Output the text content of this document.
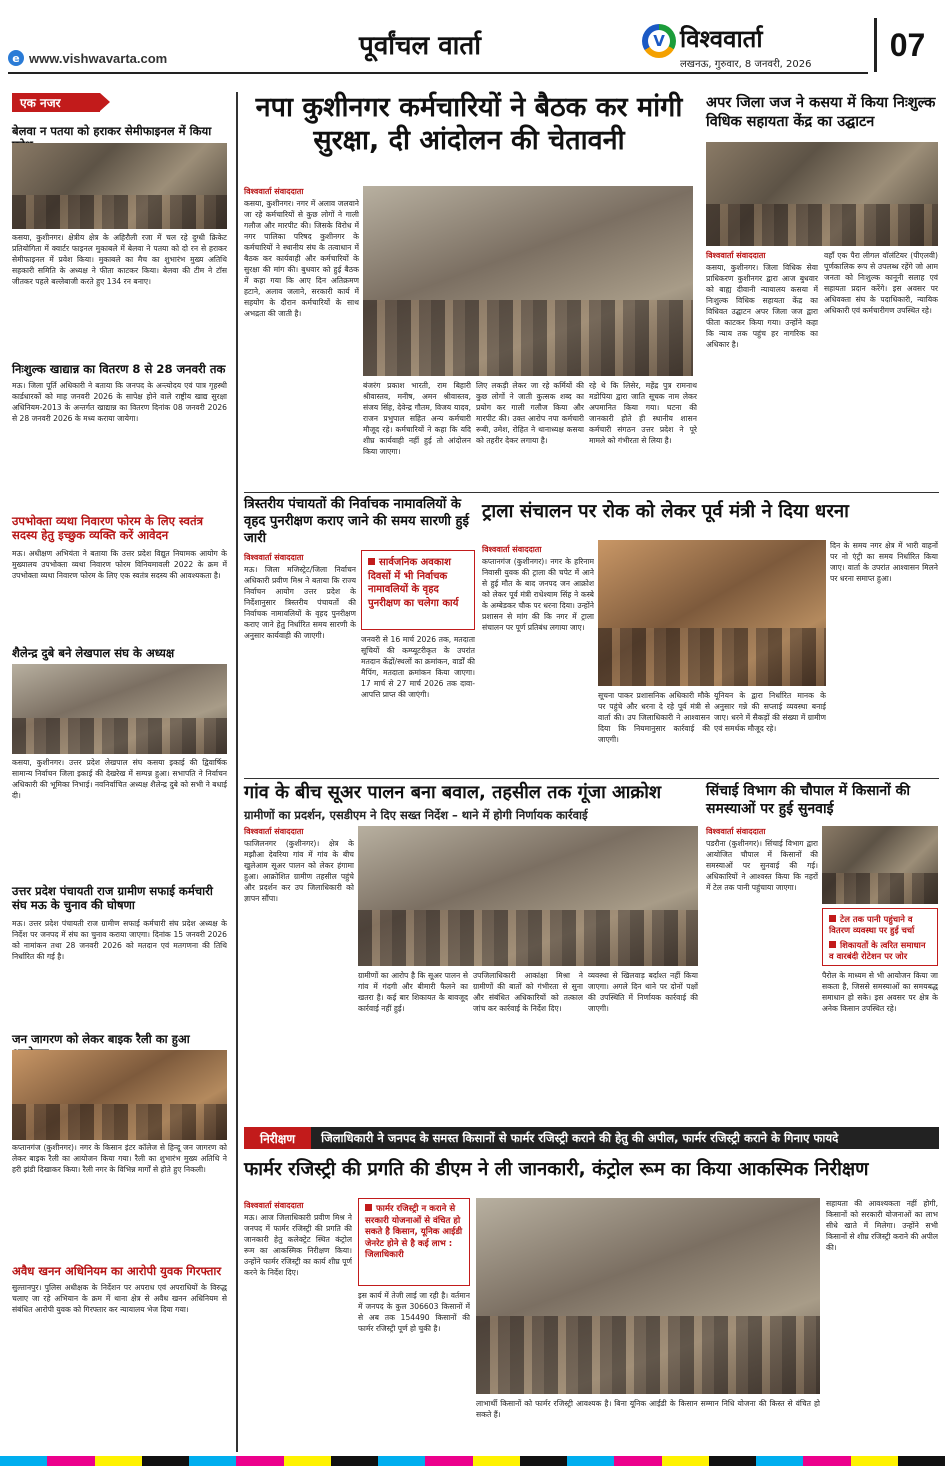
e www.vishwavarta.com	पूर्वांचल वार्ता	V विश्ववार्ता
लखनऊ, गुरुवार, 8 जनवरी, 2026
07
एक नजर
बेलवा न पतया को हराकर सेमीफाइनल में किया
कसया, कुशीनगर। क्षेत्रीय क्षेत्र के अहिरौली रजा में चल रहे दुग्धी क्रिकेट प्रतियोगिता में क्वार्टर फाइनल मुकाबले में बेलवा ने पतया को दो रन से हराकर सेमीफाइनल में प्रवेश किया। मुकाबले का मैच का शुभारंभ मुख्य अतिथि सहकारी समिति के अध्यक्ष ने फीता काटकर किया। बेलवा की टीम ने टॉस जीतकर पहले बल्लेबाजी करते हुए 134 रन बनाए।
निःशुल्क खाद्यान्न का वितरण 8 से 28 जनवरी तक
मऊ। जिला पूर्ति अधिकारी ने बताया कि जनपद के अन्त्योदय एवं पात्र गृहस्थी कार्डधारकों को माह जनवरी 2026 के सापेक्ष होने वाले राष्ट्रीय खाद्य सुरक्षा अधिनियम-2013 के अन्तर्गत खाद्यान्न का वितरण दिनांक 08 जनवरी 2026 से 28 जनवरी 2026 के मध्य कराया जायेगा।
उपभोक्ता व्यथा निवारण फोरम के लिए स्वतंत्र सदस्य हेतु इच्छुक व्यक्ति करें आवेदन
मऊ। अधीक्षण अभियंता ने बताया कि उत्तर प्रदेश विद्युत नियामक आयोग के मुख्यालय उपभोक्ता व्यथा निवारण फोरम विनियमावली 2022 के क्रम में उपभोक्ता व्यथा निवारण फोरम के लिए एक स्वतंत्र सदस्य की आवश्यकता है।
शैलेन्द्र दुबे बने लेखपाल संघ के अध्यक्ष
कसया, कुशीनगर। उत्तर प्रदेश लेखपाल संघ कसया इकाई की द्विवार्षिक सामान्य निर्वाचन जिला इकाई की देखरेख में सम्पन्न हुआ। सभापति ने निर्वाचन अधिकारी की भूमिका निभाई। नवनिर्वाचित अध्यक्ष शैलेन्द्र दुबे को सभी ने बधाई दी।
उत्तर प्रदेश पंचायती राज ग्रामीण सफाई कर्मचारी संघ मऊ के चुनाव की घोषणा
मऊ। उत्तर प्रदेश पंचायती राज ग्रामीण सफाई कर्मचारी संघ प्रदेश अध्यक्ष के निर्देश पर जनपद में संघ का चुनाव कराया जाएगा। दिनांक 15 जनवरी 2026 को नामांकन तथा 28 जनवरी 2026 को मतदान एवं मतगणना की तिथि निर्धारित की गई है।
जन जागरण को लेकर बाइक रैली का हुआ
कप्तानगंज (कुशीनगर)। नगर के किसान इंटर कॉलेज से हिन्दू जन जागरण को लेकर बाइक रैली का आयोजन किया गया। रैली का शुभारंभ मुख्य अतिथि ने हरी झंडी दिखाकर किया। रैली नगर के विभिन्न मार्गों से होते हुए निकली।
अवैध खनन अधिनियम का आरोपी युवक गिरफ्तार
सुल्तानपुर। पुलिस अधीक्षक के निर्देशन पर अपराध एवं अपराधियों के विरुद्ध चलाए जा रहे अभियान के क्रम में थाना क्षेत्र से अवैध खनन अधिनियम से संबंधित आरोपी युवक को गिरफ्तार कर न्यायालय भेज दिया गया।
नपा कुशीनगर कर्मचारियों ने बैठक कर मांगी सुरक्षा, दी आंदोलन की चेतावनी
विश्ववार्ता संवाददाता
कसया, कुशीनगर। नगर में अलाव जलवाने जा रहे कर्मचारियों से कुछ लोगों ने गाली गलौज और मारपीट की। जिसके विरोध में नगर पालिका परिषद कुशीनगर के कर्मचारियों ने स्थानीय संघ के तत्वाधान में बैठक कर कार्यवाही और कर्मचारियों के सुरक्षा की मांग की। बुधवार को हुई बैठक में कहा गया कि आए दिन अतिक्रमण हटाने, अलाव जलाने, सरकारी कार्य में सहयोग के दौरान कर्मचारियों के साथ अभद्रता की जाती है।
बंजरंग प्रकाश भारती, राम बिहारी श्रीवास्तव, मनीष, अमन श्रीवास्तव, संजय सिंह, देवेन्द्र गौतम, विजय यादव, राजन प्रभुपाल सहित अन्य कर्मचारी मौजूद रहे। कर्मचारियों ने कहा कि यदि शीघ्र कार्यवाही नहीं हुई तो आंदोलन किया जाएगा।
लिए लकड़ी लेकर जा रहे कर्मियों की कुछ लोगों ने जाती कुत्सक शब्द का प्रयोग कर गाली गलौज किया और मारपीट की। उक्त आरोप नपा कर्मचारी रूबी, उमेश, रोहित ने थानाध्यक्ष कसया को तहरीर देकर लगाया है।
रहे थे कि लिसेर, महेंद्र पुत्र रामनाथ मडोपिया द्वारा जाति सूचक नाम लेकर अपमानित किया गया। घटना की जानकारी होते ही स्थानीय शासन कर्मचारी संगठन उत्तर प्रदेश ने पूरे मामले को गंभीरता से लिया है।
अपर जिला जज ने कसया में किया निःशुल्क विधिक सहायता केंद्र का उद्घाटन
विश्ववार्ता संवाददाता
कसया, कुशीनगर। जिला विधिक सेवा प्राधिकरण कुशीनगर द्वारा आज बुधवार को बाह्य दीवानी न्यायालय कसया में निःशुल्क विधिक सहायता केंद्र का विधिवत उद्घाटन अपर जिला जज द्वारा फीता काटकर किया गया। उन्होंने कहा कि न्याय तक पहुंच हर नागरिक का अधिकार है।
वहाँ एक पैरा लीगल वॉलंटियर (पीएलवी) पूर्णकालिक रूप से उपलब्ध रहेंगे जो आम जनता को निःशुल्क कानूनी सलाह एवं सहायता प्रदान करेंगे। इस अवसर पर अधिवक्ता संघ के पदाधिकारी, न्यायिक अधिकारी एवं कर्मचारीगण उपस्थित रहे।
त्रिस्तरीय पंचायतों की निर्वाचक नामावलियों के वृहद पुनरीक्षण कराए जाने की समय सारणी हुई जारी
विश्ववार्ता संवाददाता
मऊ। जिला मजिस्ट्रेट/जिला निर्वाचन अधिकारी प्रवीण मिश्र ने बताया कि राज्य निर्वाचन आयोग उत्तर प्रदेश के निर्देशानुसार त्रिस्तरीय पंचायतों की निर्वाचक नामावलियों के वृहद पुनरीक्षण कराए जाने हेतु निर्धारित समय सारणी के अनुसार कार्यवाही की जाएगी।
सार्वजनिक अवकाश दिवसों में भी निर्वाचक नामावलियों के वृहद पुनरीक्षण का चलेगा कार्य
जनवरी से 16 मार्च 2026 तक, मतदाता सूचियों की कम्प्यूटरीकृत के उपरांत मतदान केंद्रों/स्थलों का क्रमांकन, वार्डों की मैपिंग, मतदाता क्रमांकन किया जाएगा। 17 मार्च से 27 मार्च 2026 तक दावा-आपत्ति प्राप्त की जाएंगी।
ट्राला संचालन पर रोक को लेकर पूर्व मंत्री ने दिया धरना
विश्ववार्ता संवाददाता
कप्तानगंज (कुशीनगर)। नगर के हरिनाम निवासी युवक की ट्राला की चपेट में आने से हुई मौत के बाद जनपद जन आक्रोश को लेकर पूर्व मंत्री राधेश्याम सिंह ने कस्बे के अम्बेडकर चौक पर धरना दिया। उन्होंने प्रशासन से मांग की कि नगर में ट्राला संचालन पर पूर्ण प्रतिबंध लगाया जाए।
दिन के समय नगर क्षेत्र में भारी वाहनों पर नो एंट्री का समय निर्धारित किया जाए। वार्ता के उपरांत आश्वासन मिलने पर धरना समाप्त हुआ।
सूचना पाकर प्रशासनिक अधिकारी मौके पर पहुंचे और धरना दे रहे पूर्व मंत्री से वार्ता की। उप जिलाधिकारी ने आश्वासन दिया कि नियमानुसार कार्रवाई की जाएगी।
यूनियन के द्वारा निर्धारित मानक के अनुसार गन्ने की सप्लाई व्यवस्था बनाई जाए। धरने में सैकड़ों की संख्या में ग्रामीण एवं समर्थक मौजूद रहे।
गांव के बीच सूअर पालन बना बवाल, तहसील तक गूंजा आक्रोश
ग्रामीणों का प्रदर्शन, एसडीएम ने दिए सख्त निर्देश – थाने में होगी निर्णायक कार्रवाई
विश्ववार्ता संवाददाता
फाजिलनगर (कुशीनगर)। क्षेत्र के मझौआ देवरिया गांव में गांव के बीच खुलेआम सूअर पालन को लेकर हंगामा हुआ। आक्रोशित ग्रामीण तहसील पहुंचे और प्रदर्शन कर उप जिलाधिकारी को ज्ञापन सौंपा।
ग्रामीणों का आरोप है कि सूअर पालन से गांव में गंदगी और बीमारी फैलने का खतरा है। कई बार शिकायत के बावजूद कार्रवाई नहीं हुई।
उपजिलाधिकारी आकांक्षा मिश्रा ने ग्रामीणों की बातों को गंभीरता से सुना और संबंधित अधिकारियों को तत्काल जांच कर कार्रवाई के निर्देश दिए।
व्यवस्था से खिलवाड़ बर्दाश्त नहीं किया जाएगा। अगले दिन थाने पर दोनों पक्षों की उपस्थिति में निर्णायक कार्रवाई की जाएगी।
सिंचाई विभाग की चौपाल में किसानों की समस्याओं पर हुई सुनवाई
विश्ववार्ता संवाददाता
पडरौना (कुशीनगर)। सिंचाई विभाग द्वारा आयोजित चौपाल में किसानों की समस्याओं पर सुनवाई की गई। अधिकारियों ने आश्वस्त किया कि नहरों में टेल तक पानी पहुंचाया जाएगा।
टेल तक पानी पहुंचाने व वितरण व्यवस्था पर हुई चर्चा
शिकायतों के त्वरित समाधान व वारबंदी रोटेशन पर जोर
पैरोल के माध्यम से भी आयोजन किया जा सकता है, जिससे समस्याओं का समयबद्ध समाधान हो सके। इस अवसर पर क्षेत्र के अनेक किसान उपस्थित रहे।
निरीक्षण	जिलाधिकारी ने जनपद के समस्त किसानों से फार्मर रजिस्ट्री कराने की हेतु की अपील, फार्मर रजिस्ट्री कराने के गिनाए फायदे
फार्मर रजिस्ट्री की प्रगति की डीएम ने ली जानकारी, कंट्रोल रूम का किया आकस्मिक निरीक्षण
विश्ववार्ता संवाददाता
मऊ। आज जिलाधिकारी प्रवीण मिश्र ने जनपद में फार्मर रजिस्ट्री की प्रगति की जानकारी हेतु कलेक्ट्रेट स्थित कंट्रोल रूम का आकस्मिक निरीक्षण किया। उन्होंने फार्मर रजिस्ट्री का कार्य शीघ्र पूर्ण करने के निर्देश दिए।
फार्मर रजिस्ट्री न कराने से सरकारी योजनाओं से वंचित हो सकते है किसान, यूनिक आईडी जेनरेट होने से है कई लाभ : जिलाधिकारी
इस कार्य में तेजी लाई जा रही है। वर्तमान में जनपद के कुल 306603 किसानों में से अब तक 154490 किसानों की फार्मर रजिस्ट्री पूर्ण हो चुकी है।
लाभार्थी किसानों को फार्मर रजिस्ट्री आवश्यक है। बिना यूनिक आईडी के किसान सम्मान निधि योजना की किस्त से वंचित हो सकते हैं।
सहायता की आवश्यकता नहीं होगी, किसानों को सरकारी योजनाओं का लाभ सीधे खाते में मिलेगा। उन्होंने सभी किसानों से शीघ्र रजिस्ट्री कराने की अपील की।
